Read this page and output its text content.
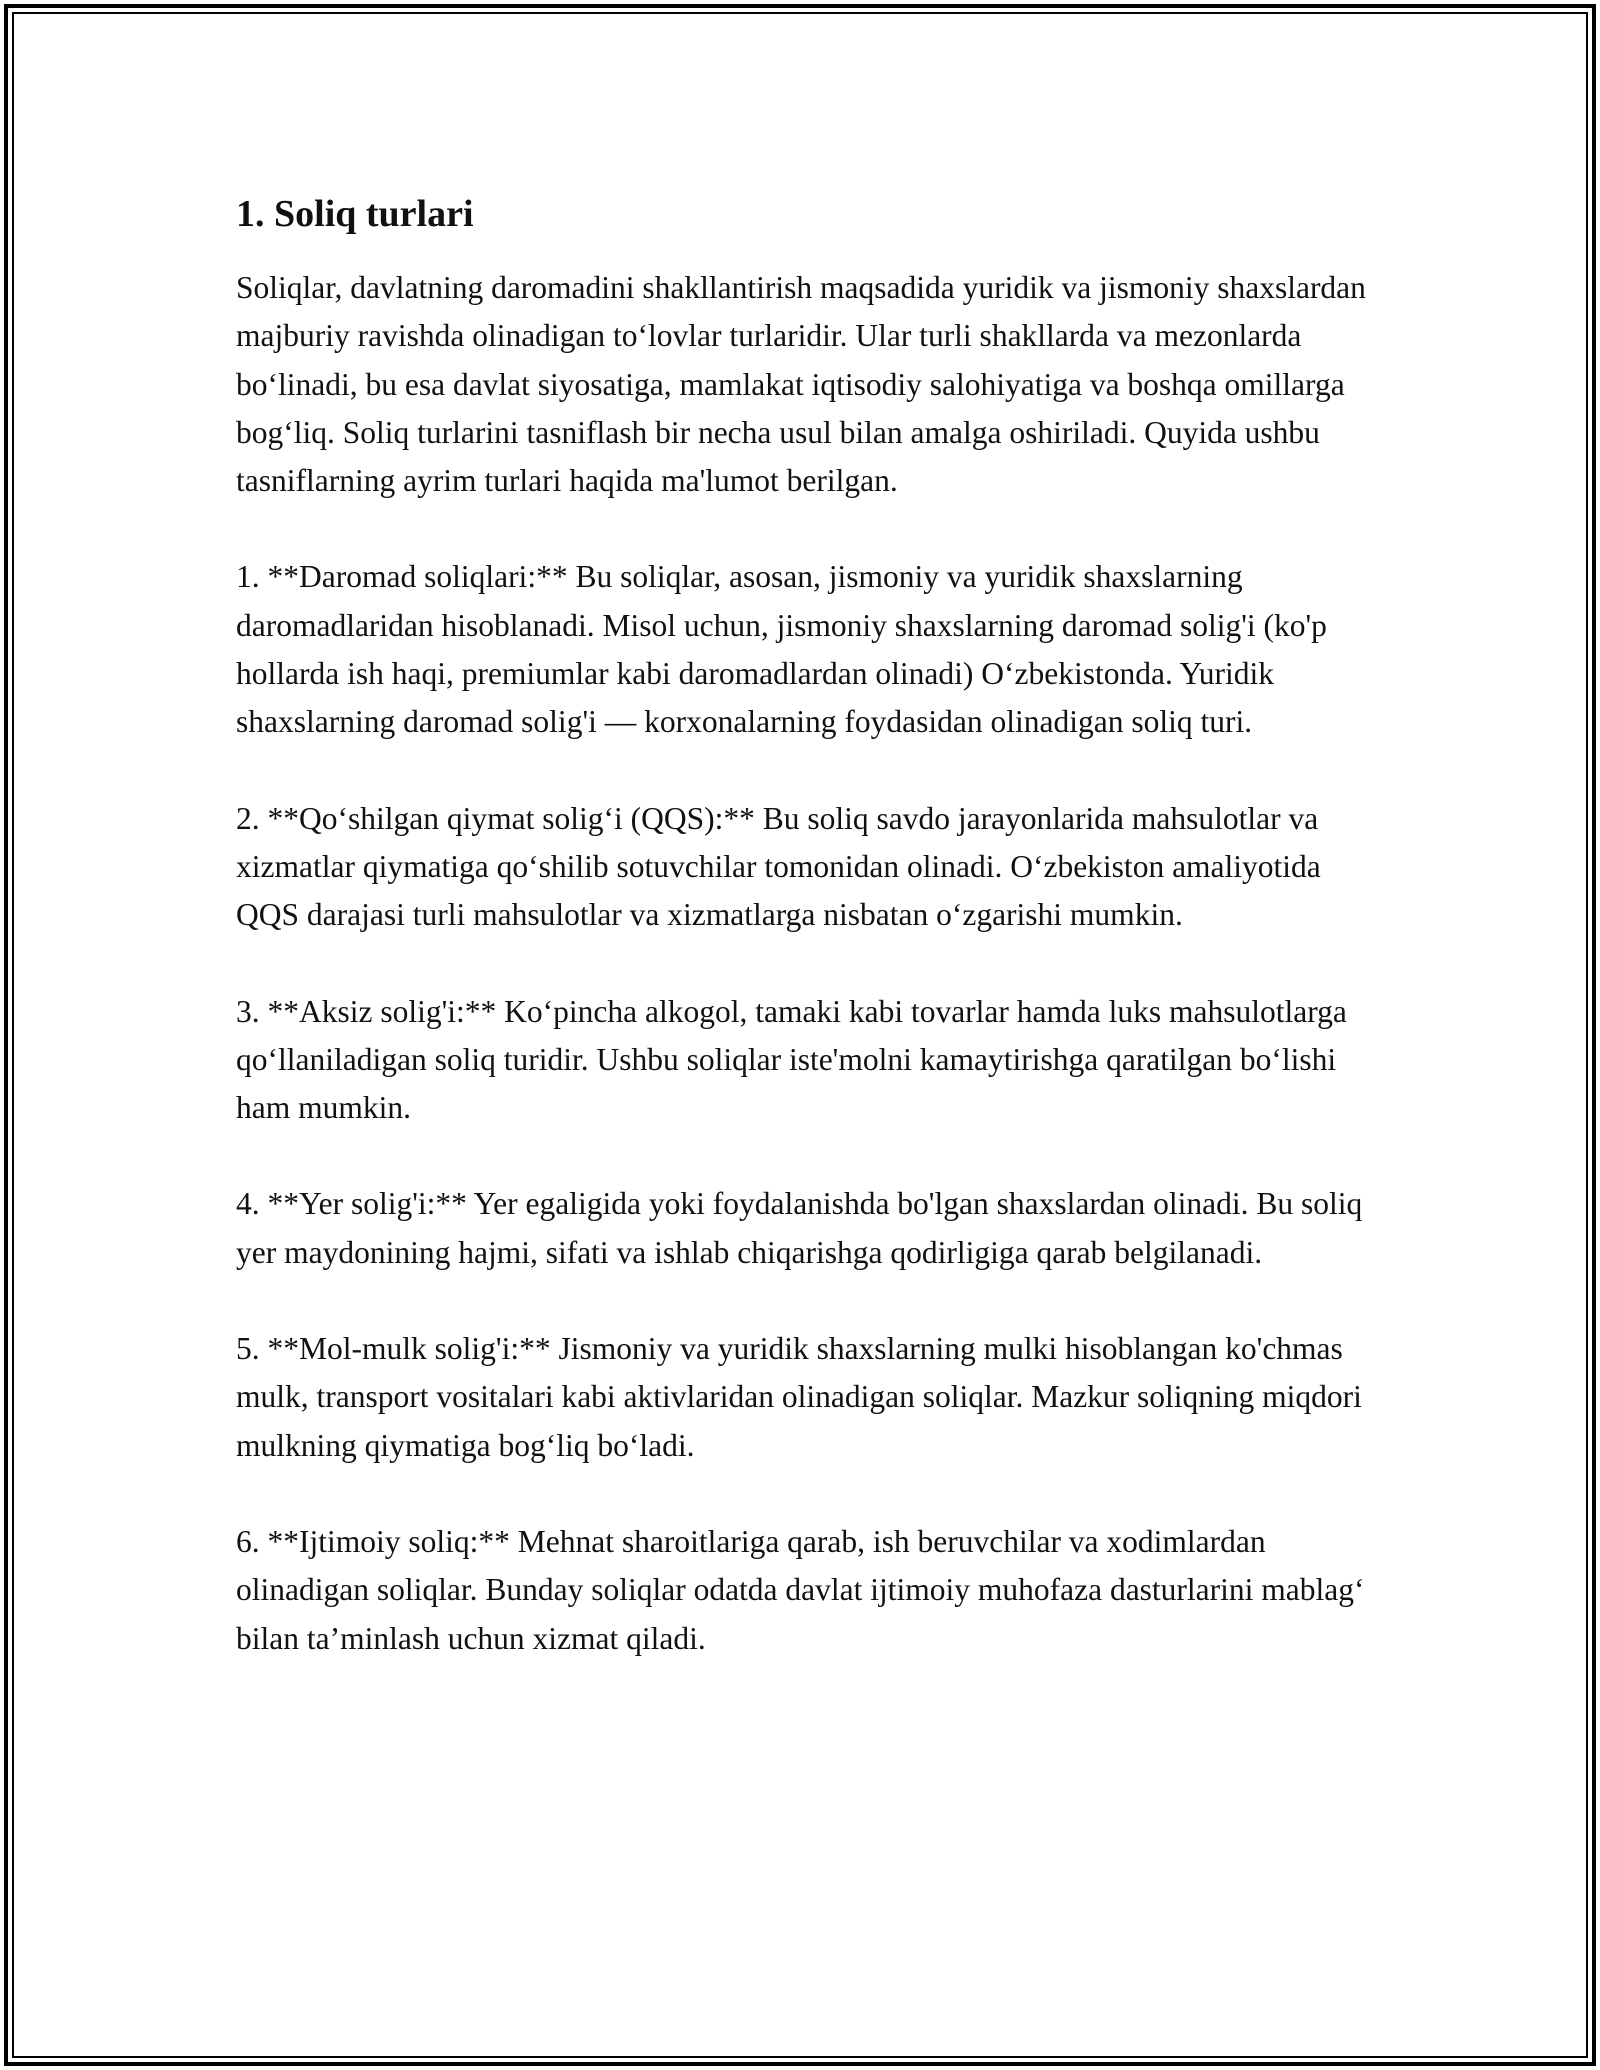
1. Soliq turlari

Soliqlar, davlatning daromadini shakllantirish maqsadida yuridik va jismoniy shaxslardan majburiy ravishda olinadigan to‘lovlar turlaridir. Ular turli shakllarda va mezonlarda bo‘linadi, bu esa davlat siyosatiga, mamlakat iqtisodiy salohiyatiga va boshqa omillarga bog‘liq. Soliq turlarini tasniflash bir necha usul bilan amalga oshiriladi. Quyida ushbu tasniflarning ayrim turlari haqida ma'lumot berilgan.

1. **Daromad soliqlari:** Bu soliqlar, asosan, jismoniy va yuridik shaxslarning daromadlaridan hisoblanadi. Misol uchun, jismoniy shaxslarning daromad solig'i (ko'p hollarda ish haqi, premiumlar kabi daromadlardan olinadi) O‘zbekistonda. Yuridik shaxslarning daromad solig'i — korxonalarning foydasidan olinadigan soliq turi.

2. **Qo‘shilgan qiymat solig‘i (QQS):** Bu soliq savdo jarayonlarida mahsulotlar va xizmatlar qiymatiga qo‘shilib sotuvchilar tomonidan olinadi. O‘zbekiston amaliyotida QQS darajasi turli mahsulotlar va xizmatlarga nisbatan o‘zgarishi mumkin.

3. **Aksiz solig'i:** Ko‘pincha alkogol, tamaki kabi tovarlar hamda luks mahsulotlarga qo‘llaniladigan soliq turidir. Ushbu soliqlar iste'molni kamaytirishga qaratilgan bo‘lishi ham mumkin.

4. **Yer solig'i:** Yer egaligida yoki foydalanishda bo'lgan shaxslardan olinadi. Bu soliq yer maydonining hajmi, sifati va ishlab chiqarishga qodirligiga qarab belgilanadi.

5. **Mol-mulk solig'i:** Jismoniy va yuridik shaxslarning mulki hisoblangan ko'chmas mulk, transport vositalari kabi aktivlaridan olinadigan soliqlar. Mazkur soliqning miqdori mulkning qiymatiga bog‘liq bo‘ladi.

6. **Ijtimoiy soliq:** Mehnat sharoitlariga qarab, ish beruvchilar va xodimlardan olinadigan soliqlar. Bunday soliqlar odatda davlat ijtimoiy muhofaza dasturlarini mablag‘ bilan ta’minlash uchun xizmat qiladi.
